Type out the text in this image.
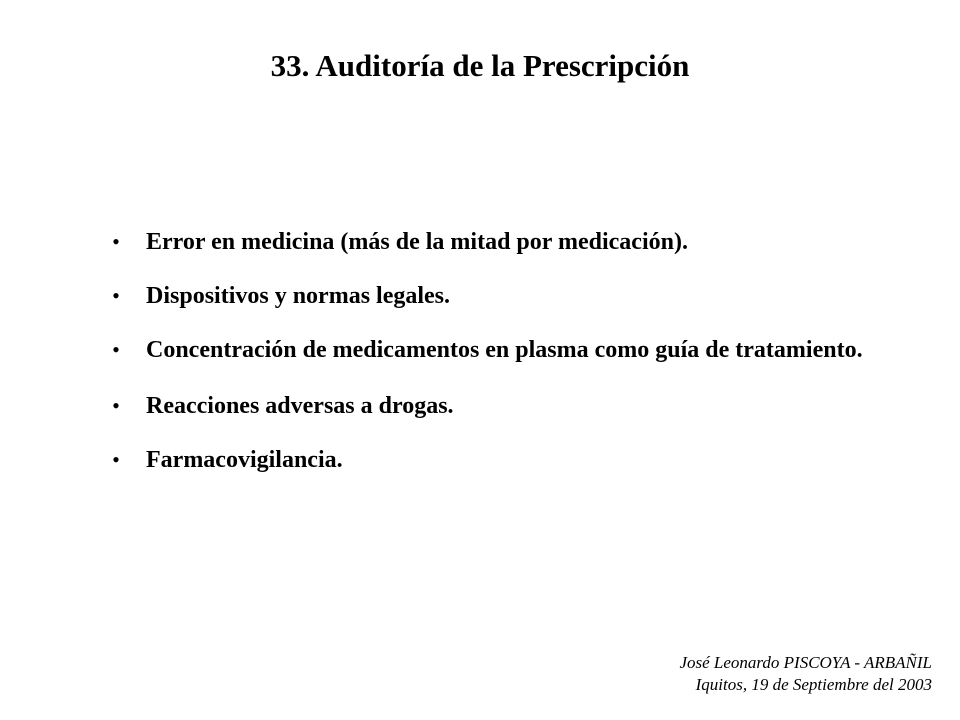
33. Auditoría de la Prescripción
• Error en medicina (más de la mitad por medicación).
• Dispositivos y normas legales.
• Concentración de medicamentos en plasma como guía de tratamiento.
• Reacciones adversas a drogas.
• Farmacovigilancia.
José Leonardo PISCOYA - ARBAÑIL
Iquitos, 19 de Septiembre del 2003
